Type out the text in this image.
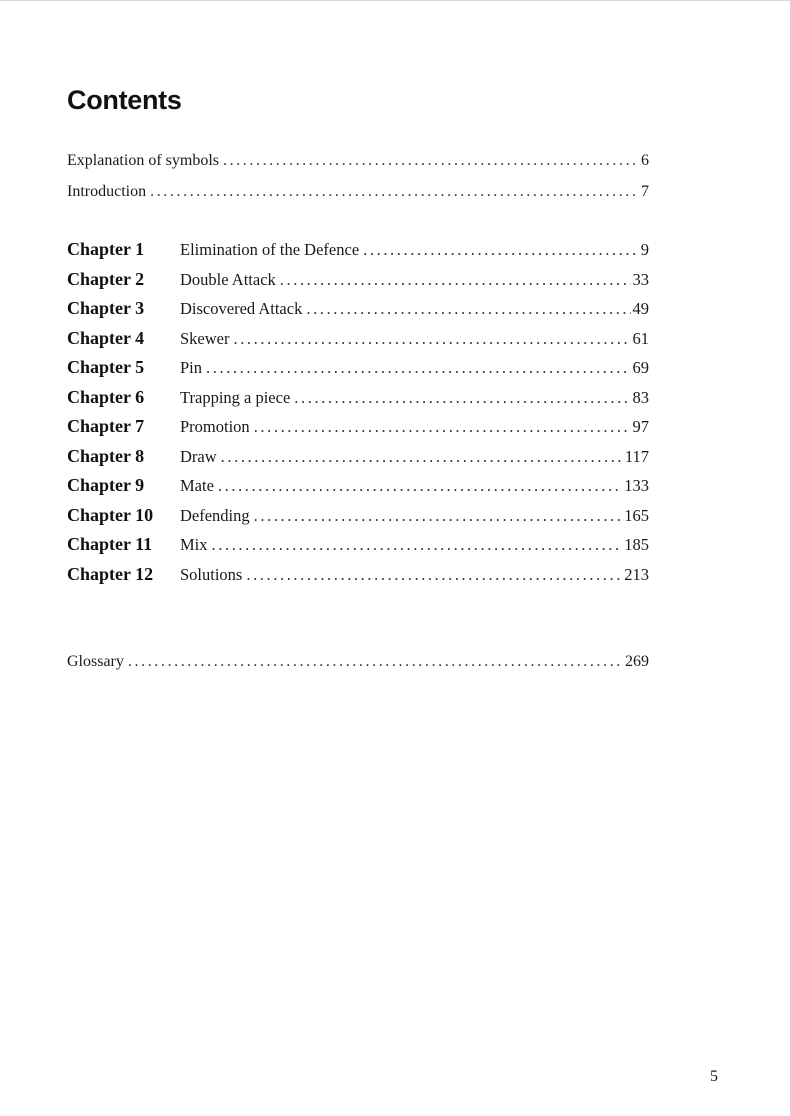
Contents
Explanation of symbols .....	6
Introduction .....	7
Chapter 1	Elimination of the Defence .....	9
Chapter 2	Double Attack .....	33
Chapter 3	Discovered Attack .....	49
Chapter 4	Skewer .....	61
Chapter 5	Pin .....	69
Chapter 6	Trapping a piece .....	83
Chapter 7	Promotion .....	97
Chapter 8	Draw .....	117
Chapter 9	Mate .....	133
Chapter 10	Defending .....	165
Chapter 11	Mix .....	185
Chapter 12	Solutions .....	213
Glossary .....	269
5
